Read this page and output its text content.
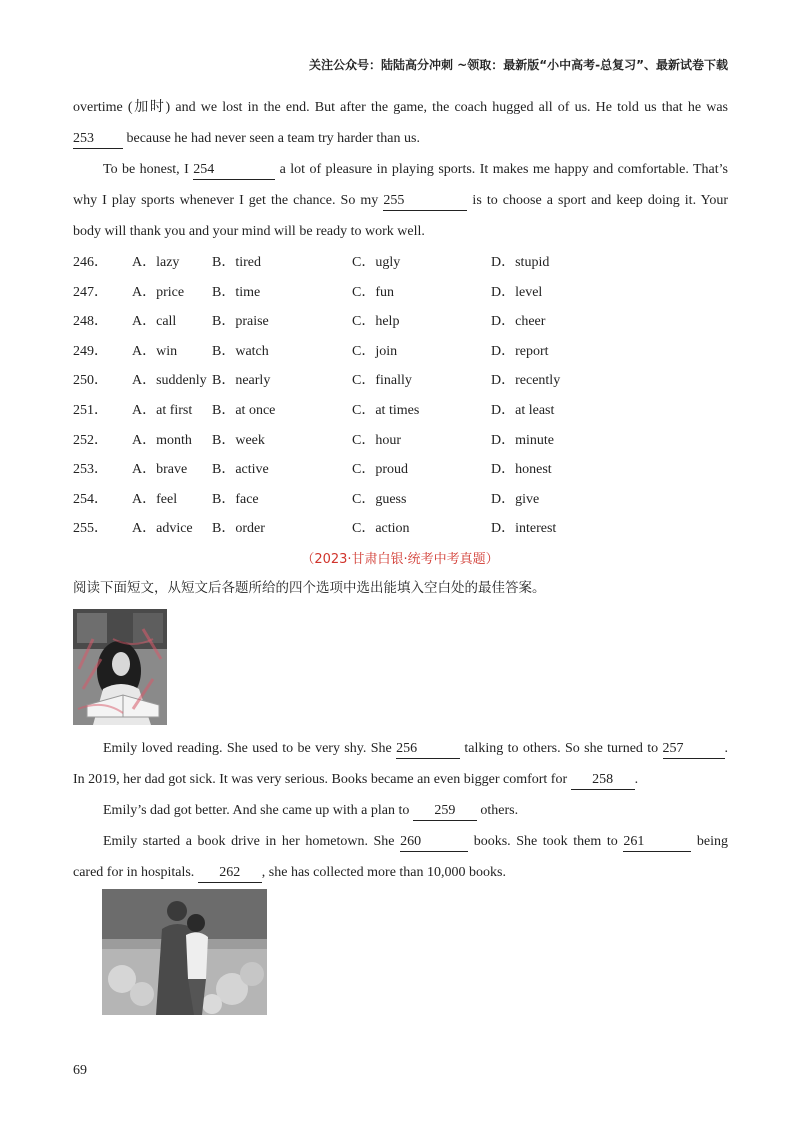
关注公众号：陆陆高分冲刺 ~领取：最新版“小中高考-总复习”、最新试卷下载
overtime (加时) and we lost in the end. But after the game, the coach hugged all of us. He told us that he was
253 because he had never seen a team try harder than us.
To be honest, I 254	a lot of pleasure in playing sports. It makes me happy and comfortable. That’s
why I play sports whenever I get the chance. So my 255	is to choose a sport and keep doing it. Your
body will thank you and your mind will be ready to work well.
246． A．lazy B．tired	C．ugly	D．stupid
247． A．price B．time	C．fun	D．level
248． A．call	B．praise	C．help	D．cheer
249． A．win B．watch	C．join	D．report
250． A．suddenly B．nearly	C．finally	D．recently
251． A．at first B．at once	C．at times	D．at least
252． A．month B．week	C．hour	D．minute
253． A．brave B．active	C．proud	D．honest
254． A．feel B．face	C．guess	D．give
255． A．advice B．order	C．action	D．interest
（2023·甘肃白银·统考中考真题）
阅读下面短文，从短文后各题所给的四个选项中选出能填入空白处的最佳答案。
Emily loved reading. She used to be very shy. She 256	talking to others. So she turned to 257	.
In 2019, her dad got sick. It was very serious. Books became an even bigger comfort for 258 .
Emily’s dad got better. And she came up with a plan to 259 others.
Emily started a book drive in her hometown. She 260	books. She took them to 261	being
cared for in hospitals. 262 , she has collected more than 10,000 books.
69
